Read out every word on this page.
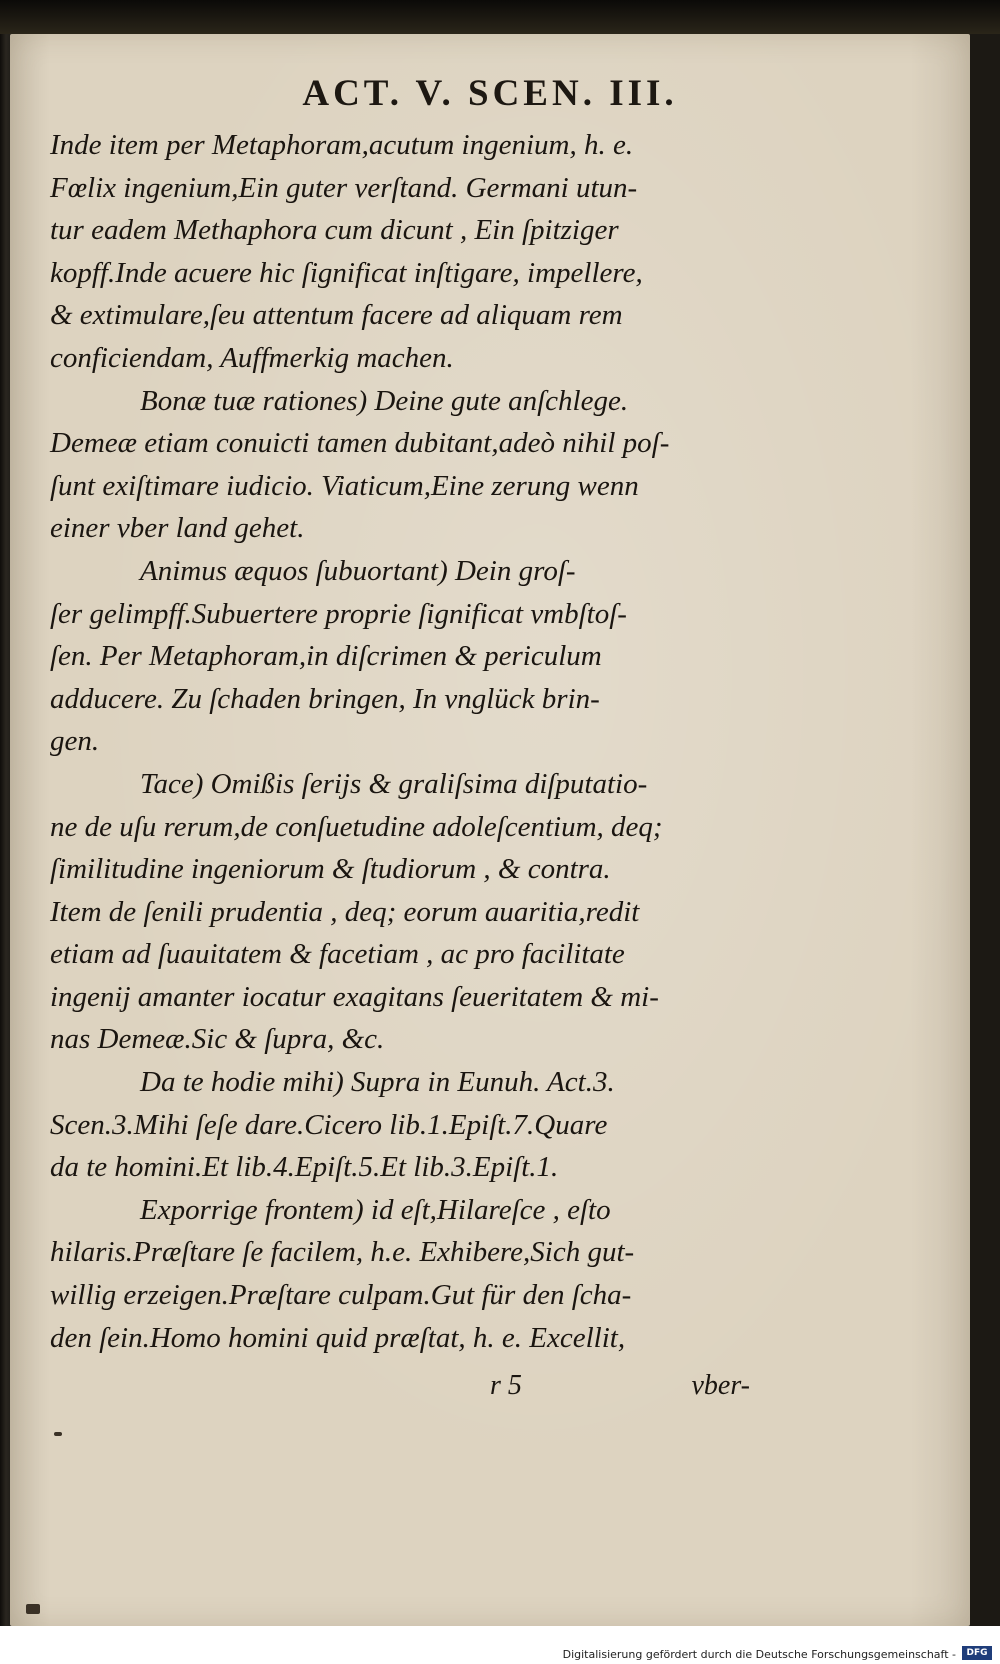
ACT. V. SCEN. III.
Inde item per Metaphoram,acutum ingenium, h. e.
Fœlix ingenium,Ein guter verſtand. Germani utun-
tur eadem Methaphora cum dicunt , Ein ſpitziger
kopff.Inde acuere hic ſignificat inſtigare, impellere,
& extimulare,ſeu attentum facere ad aliquam rem
conficiendam, Auffmerkig machen.
Bonæ tuæ rationes) Deine gute anſchlege.
Demeæ etiam conuicti tamen dubitant,adeò nihil poſ-
ſunt exiſtimare iudicio. Viaticum,Eine zerung wenn
einer vber land gehet.
Animus æquos ſubuortant) Dein groſ-
ſer gelimpff.Subuertere proprie ſignificat vmbſtoſ-
ſen. Per Metaphoram,in diſcrimen & periculum
adducere. Zu ſchaden bringen, In vnglück brin-
gen.
Tace) Omißis ſerijs & graliſsima diſputatio-
ne de uſu rerum,de conſuetudine adoleſcentium, deq;
ſimilitudine ingeniorum & ſtudiorum , & contra.
Item de ſenili prudentia , deq; eorum auaritia,redit
etiam ad ſuauitatem & facetiam , ac pro facilitate
ingenij amanter iocatur exagitans ſeueritatem & mi-
nas Demeæ.Sic & ſupra, &c.
Da te hodie mihi) Supra in Eunuh. Act.3.
Scen.3.Mihi ſeſe dare.Cicero lib.1.Epiſt.7.Quare
da te homini.Et lib.4.Epiſt.5.Et lib.3.Epiſt.1.
Exporrige frontem) id eſt,Hilareſce , eſto
hilaris.Præſtare ſe facilem, h.e. Exhibere,Sich gut-
willig erzeigen.Præſtare culpam.Gut für den ſcha-
den ſein.Homo homini quid præſtat, h. e. Excellit,
r 5	vber-
Digitalisierung gefördert durch die Deutsche Forschungsgemeinschaft -	DFG
